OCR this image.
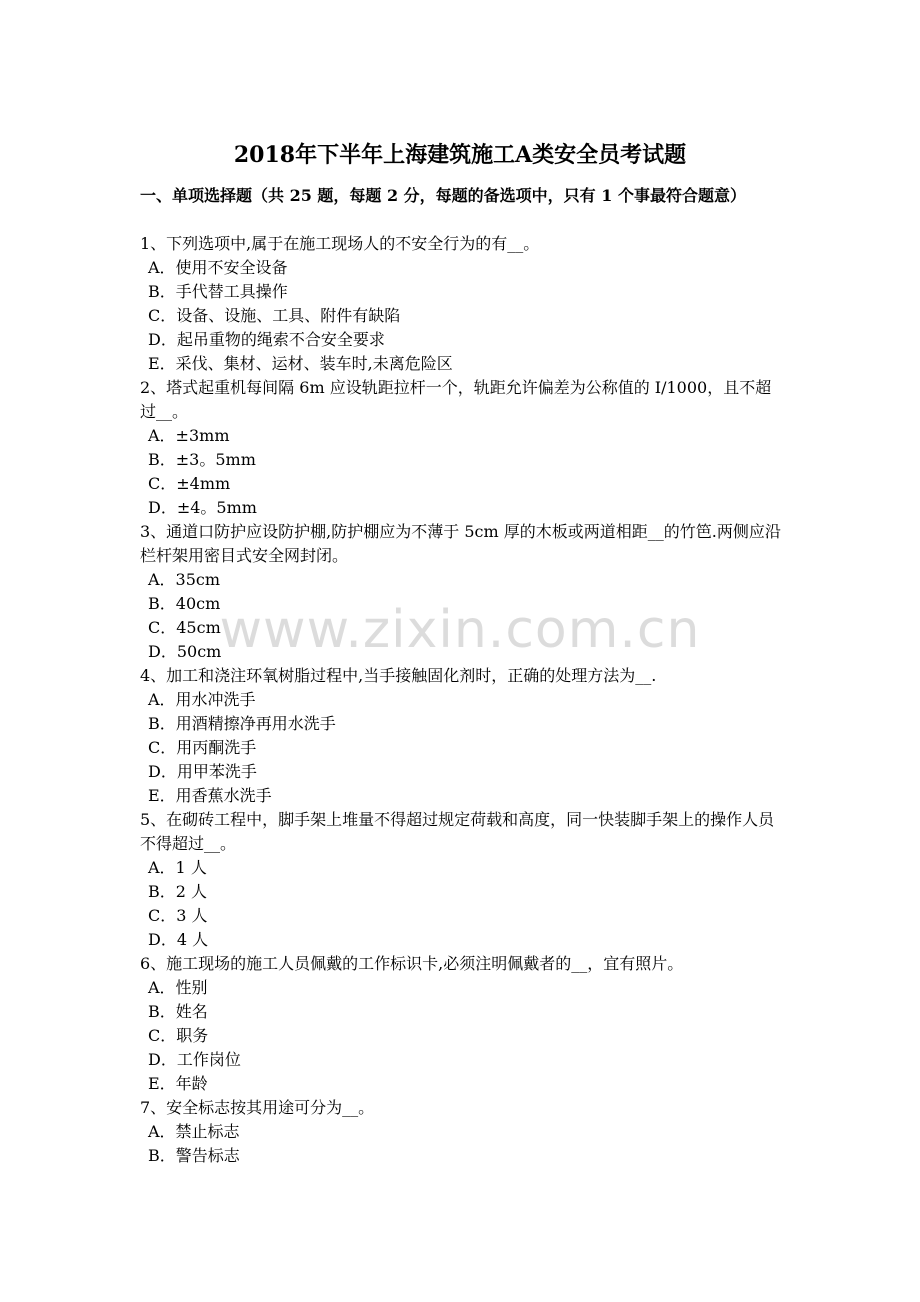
2018年下半年上海建筑施工A类安全员考试题
一、单项选择题（共 25 题，每题 2 分，每题的备选项中，只有 1 个事最符合题意）

1、下列选项中,属于在施工现场人的不安全行为的有__。

A．使用不安全设备

B．手代替工具操作

C．设备、设施、工具、附件有缺陷

D．起吊重物的绳索不合安全要求

E．采伐、集材、运材、装车时,未离危险区

2、塔式起重机每间隔 6m 应设轨距拉杆一个，轨距允许偏差为公称值的 I/1000，且不超过__。

A．±3mm

B．±3。5mm

C．±4mm

D．±4。5mm

3、通道口防护应设防护棚,防护棚应为不薄于 5cm 厚的木板或两道相距__的竹笆.两侧应沿栏杆架用密目式安全网封闭。

A．35cm

B．40cm

C．45cm

D．50cm

4、加工和浇注环氧树脂过程中,当手接触固化剂时，正确的处理方法为__.

A．用水冲洗手

B．用酒精擦净再用水洗手

C．用丙酮洗手

D．用甲苯洗手

E．用香蕉水洗手

5、在砌砖工程中，脚手架上堆量不得超过规定荷载和高度，同一快装脚手架上的操作人员不得超过__。

A．1 人

B．2 人

C．3 人

D．4 人

6、施工现场的施工人员佩戴的工作标识卡,必须注明佩戴者的__，宜有照片。

A．性别

B．姓名

C．职务

D．工作岗位

E．年龄

7、安全标志按其用途可分为__。

A．禁止标志

B．警告标志

www.zixin.com.cn
